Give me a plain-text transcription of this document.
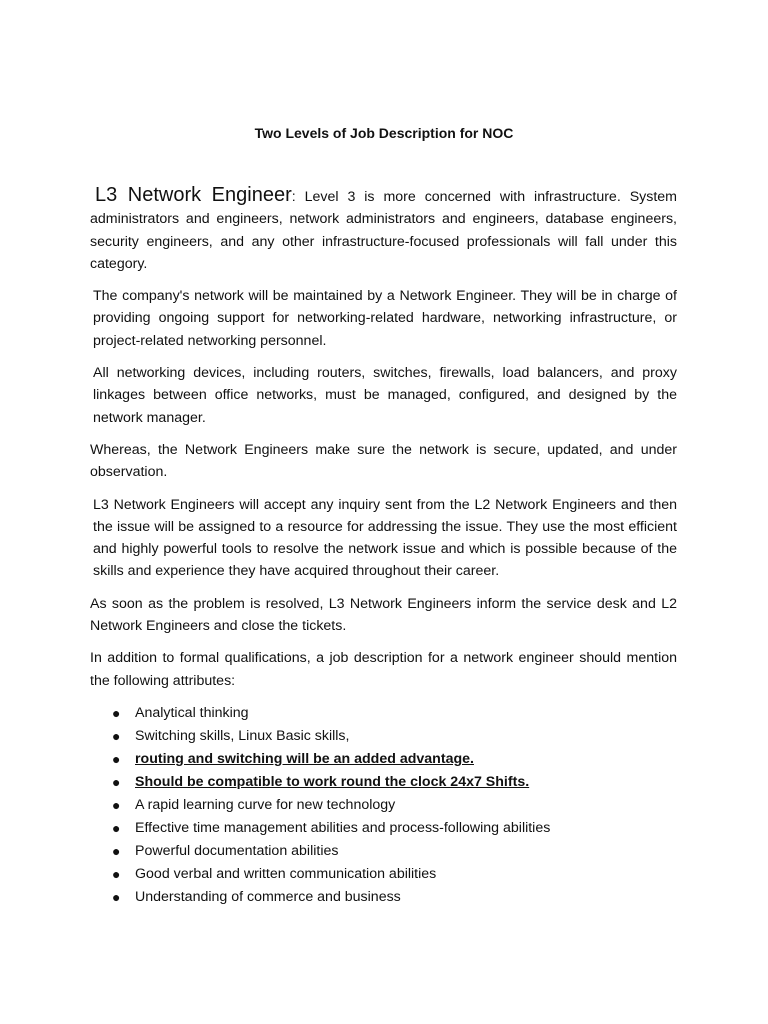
Two Levels of Job Description for NOC

L3 Network Engineer: Level 3 is more concerned with infrastructure. System administrators and engineers, network administrators and engineers, database engineers, security engineers, and any other infrastructure-focused professionals will fall under this category.

The company's network will be maintained by a Network Engineer. They will be in charge of providing ongoing support for networking-related hardware, networking infrastructure, or project-related networking personnel.

All networking devices, including routers, switches, firewalls, load balancers, and proxy linkages between office networks, must be managed, configured, and designed by the network manager.

Whereas, the Network Engineers make sure the network is secure, updated, and under observation.

L3 Network Engineers will accept any inquiry sent from the L2 Network Engineers and then the issue will be assigned to a resource for addressing the issue. They use the most efficient and highly powerful tools to resolve the network issue and which is possible because of the skills and experience they have acquired throughout their career.

As soon as the problem is resolved, L3 Network Engineers inform the service desk and L2 Network Engineers and close the tickets.

In addition to formal qualifications, a job description for a network engineer should mention the following attributes:

● Analytical thinking
● Switching skills, Linux Basic skills,
● routing and switching will be an added advantage.
● Should be compatible to work round the clock 24x7 Shifts.
● A rapid learning curve for new technology
● Effective time management abilities and process-following abilities
● Powerful documentation abilities
● Good verbal and written communication abilities
● Understanding of commerce and business
